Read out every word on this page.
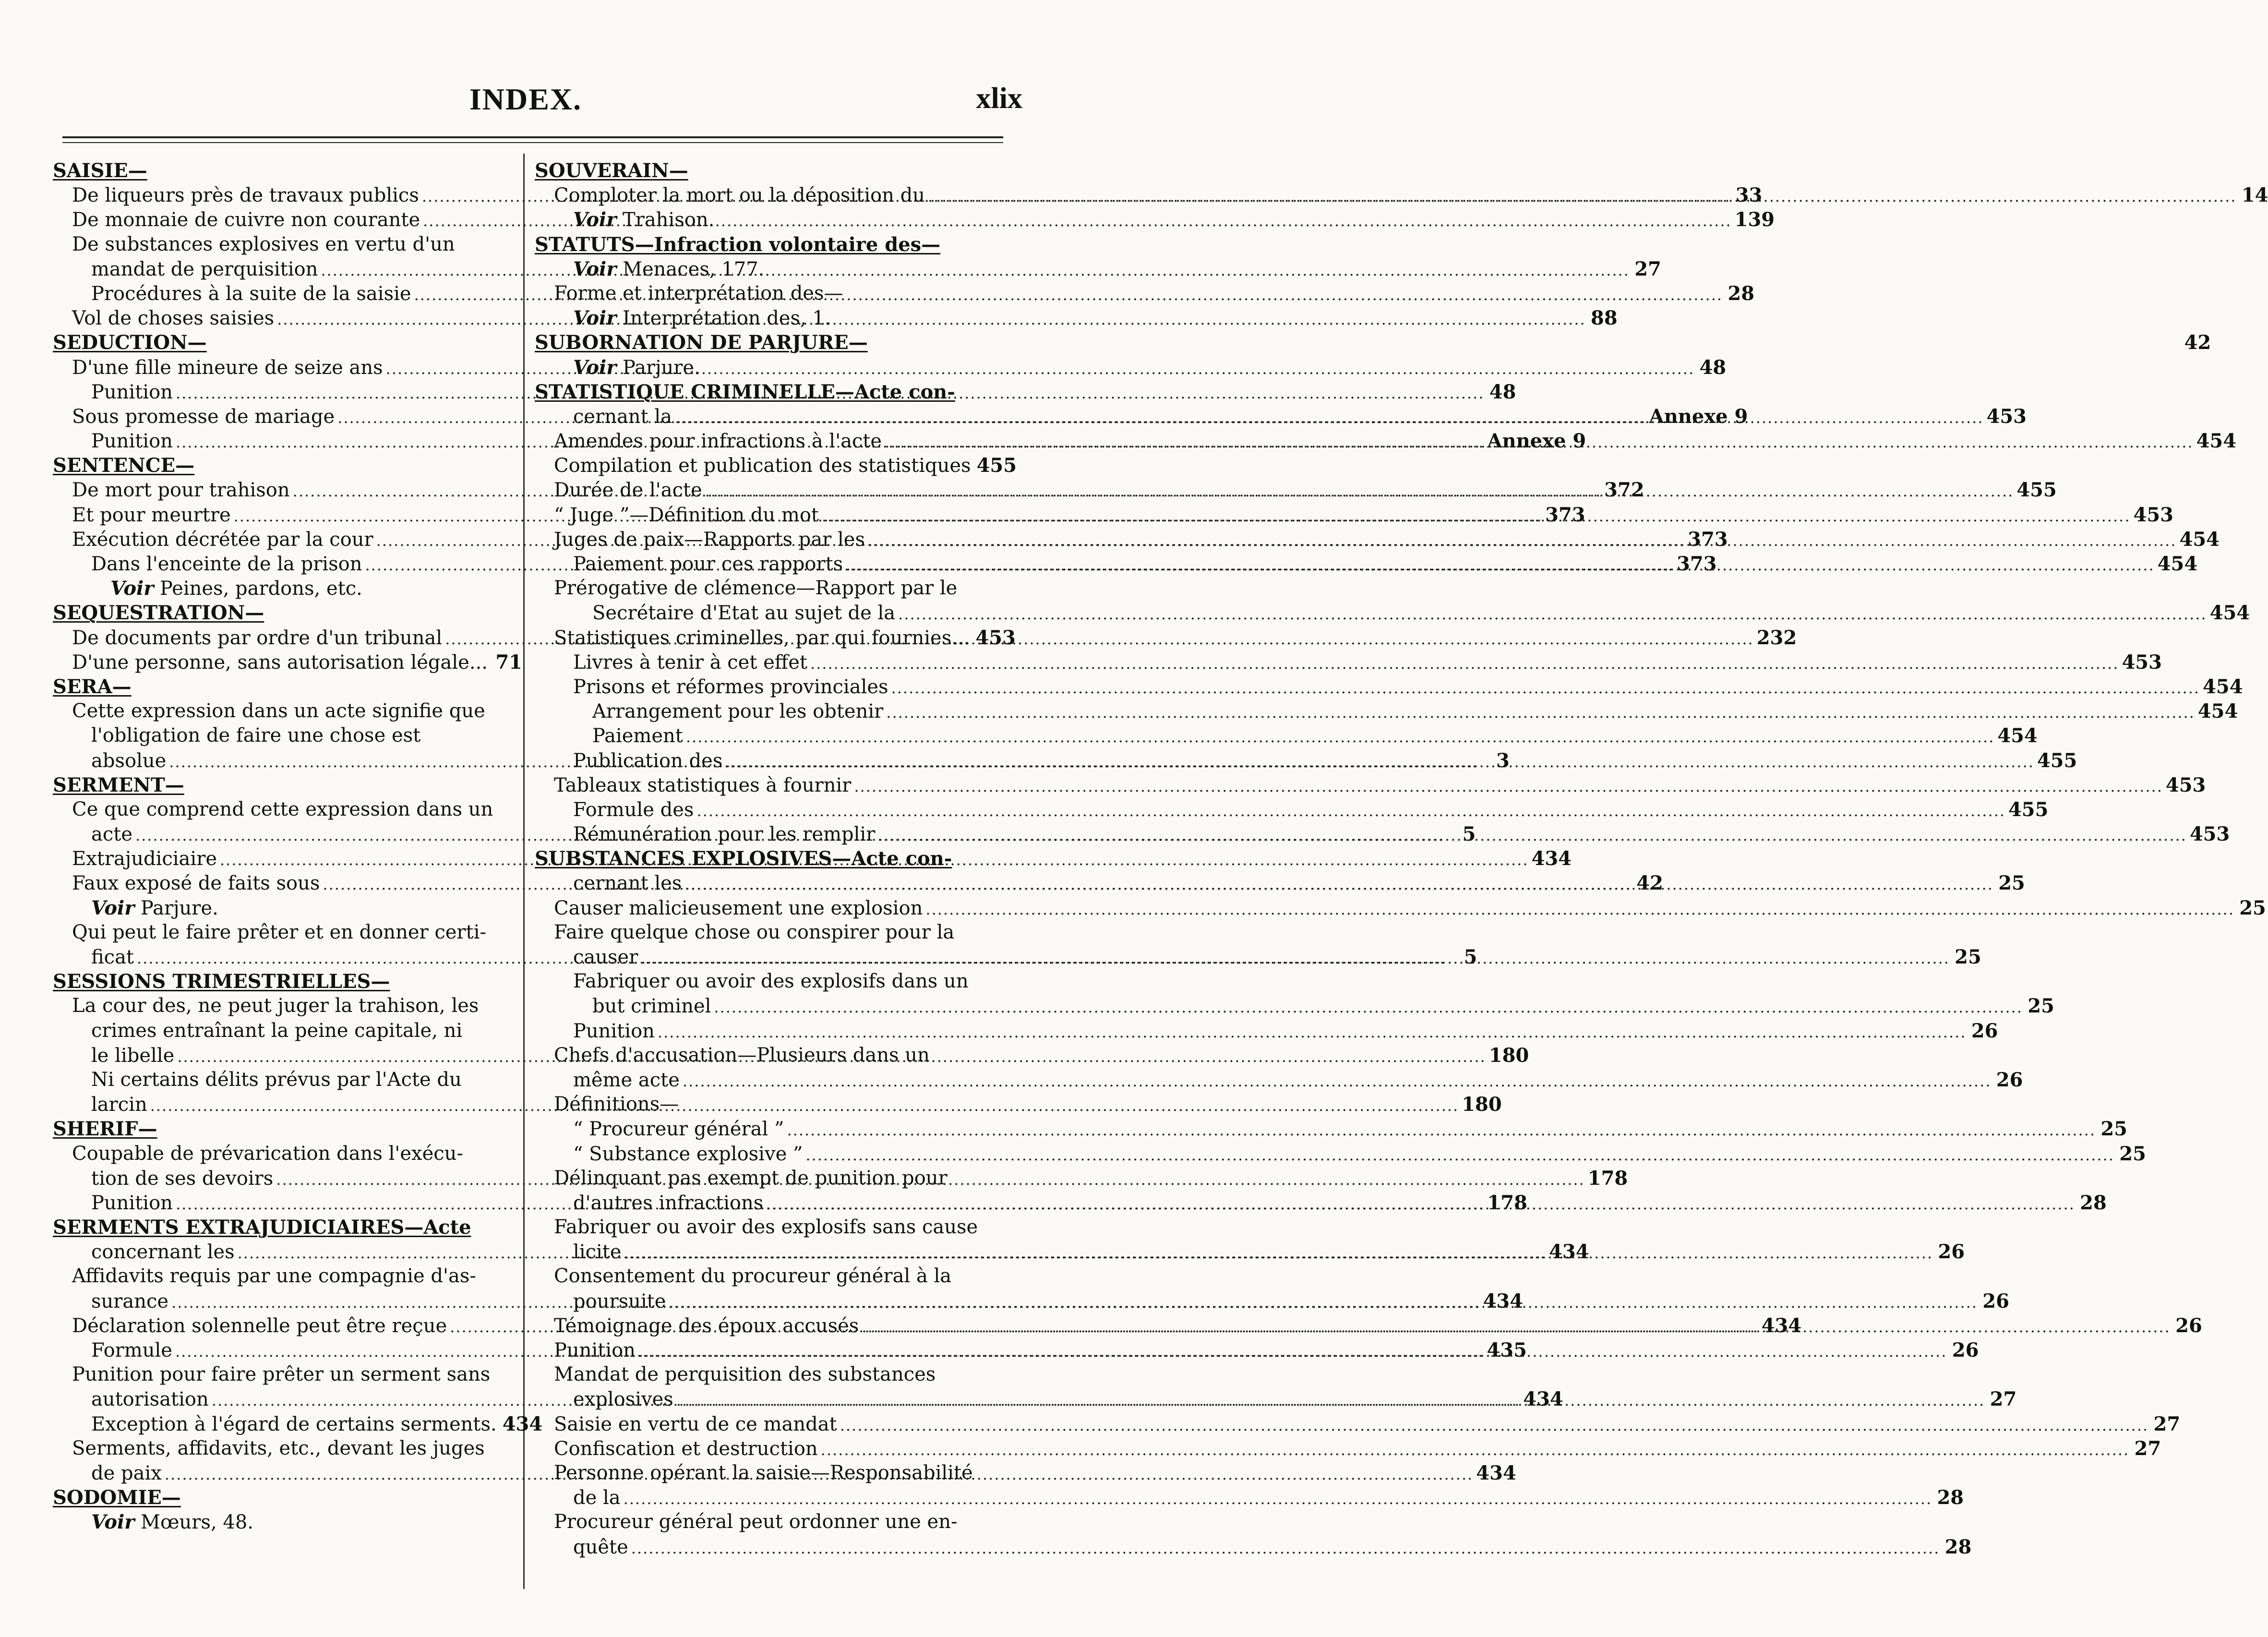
INDEX.	xlix
SAISIE—
De liqueurs près de travaux publics .....	33
De monnaie de cuivre non courante .....	139
De substances explosives en vertu d'un
mandat de perquisition .....	27
Procédures à la suite de la saisie .....	28
Vol de choses saisies .....	88
SEDUCTION—
D'une fille mineure de seize ans .....	48
Punition .....	48
Sous promesse de mariage .....	Annexe 9
Punition .....	Annexe 9
SENTENCE—
De mort pour trahison .....	372
Et pour meurtre .....	373
Exécution décrétée par la cour .....	373
Dans l'enceinte de la prison .....	373
Voir Peines, pardons, etc.
SEQUESTRATION—
De documents par ordre d'un tribunal .....	232
D'une personne, sans autorisation légale... 71
SERA—
Cette expression dans un acte signifie que
l'obligation de faire une chose est
absolue .....	3
SERMENT—
Ce que comprend cette expression dans un
acte .....	5
Extrajudiciaire .....	434
Faux exposé de faits sous .....	42
Voir Parjure.
Qui peut le faire prêter et en donner certi-
ficat .....	5
SESSIONS TRIMESTRIELLES—
La cour des, ne peut juger la trahison, les
crimes entraînant la peine capitale, ni
le libelle .....	180
Ni certains délits prévus par l'Acte du
larcin .....	180
SHERIF—
Coupable de prévarication dans l'exécu-
tion de ses devoirs .....	178
Punition .....	178
SERMENTS EXTRAJUDICIAIRES—Acte
concernant les .....	434
Affidavits requis par une compagnie d'as-
surance .....	434
Déclaration solennelle peut être reçue .....	434
Formule .....	435
Punition pour faire prêter un serment sans
autorisation .....	434
Exception à l'égard de certains serments. 434
Serments, affidavits, etc., devant les juges
de paix .....	434
SODOMIE—
Voir Mœurs, 48.
SOUVERAIN—
Comploter la mort ou la déposition du .....	14
Voir Trahison.
STATUTS—Infraction volontaire des—
Voir Menaces, 177.
Forme et interprétation des—
Voir Interprétation des, 1.
SUBORNATION DE PARJURE—	42
Voir Parjure.
STATISTIQUE CRIMINELLE—Acte con-
cernant la .....	453
Amendes pour infractions à l'acte .....	454
Compilation et publication des statistiques 455
Durée de l'acte .....	455
“ Juge ”—Définition du mot .....	453
Juges de paix—Rapports par les .....	454
Paiement pour ces rapports .....	454
Prérogative de clémence—Rapport par le
Secrétaire d'Etat au sujet de la .....	454
Statistiques criminelles, par qui fournies... 453
Livres à tenir à cet effet .....	453
Prisons et réformes provinciales .....	454
Arrangement pour les obtenir .....	454
Paiement .....	454
Publication des .....	455
Tableaux statistiques à fournir .....	453
Formule des .....	455
Rémunération pour les remplir .....	453
SUBSTANCES EXPLOSIVES—Acte con-
cernant les .....	25
Causer malicieusement une explosion .....	25
Faire quelque chose ou conspirer pour la
causer .....	25
Fabriquer ou avoir des explosifs dans un
but criminel .....	25
Punition .....	26
Chefs d'accusation—Plusieurs dans un
même acte .....	26
Définitions—
“ Procureur général ” .....	25
“ Substance explosive ” .....	25
Délinquant pas exempt de punition pour
d'autres infractions .....	28
Fabriquer ou avoir des explosifs sans cause
licite .....	26
Consentement du procureur général à la
poursuite .....	26
Témoignage des époux accusés .....	26
Punition .....	26
Mandat de perquisition des substances
explosives .....	27
Saisie en vertu de ce mandat .....	27
Confiscation et destruction .....	27
Personne opérant la saisie—Responsabilité
de la .....	28
Procureur général peut ordonner une en-
quête .....	28
